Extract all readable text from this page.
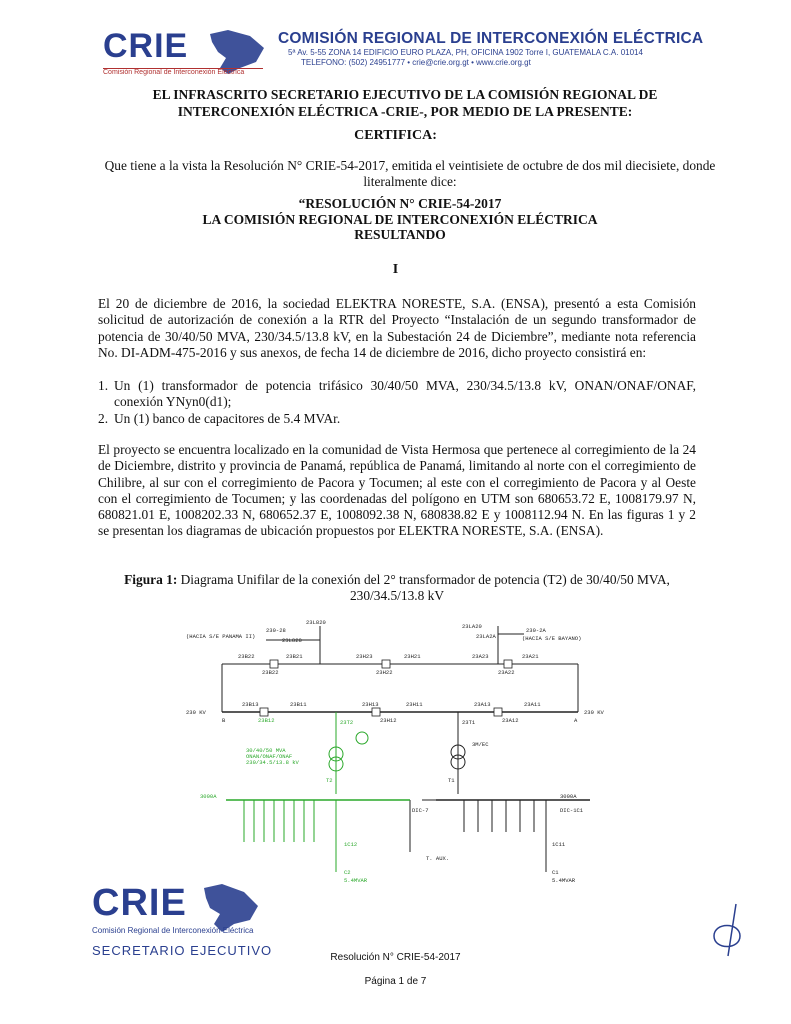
CRIE
Comisión Regional de Interconexión Eléctrica
COMISIÓN REGIONAL DE INTERCONEXIÓN ELÉCTRICA
5ª Av. 5-55 ZONA 14 EDIFICIO EURO PLAZA, PH, OFICINA 1902 Torre I, GUATEMALA C.A. 01014
TELEFONO: (502) 24951777 • crie@crie.org.gt • www.crie.org.gt
EL INFRASCRITO SECRETARIO EJECUTIVO DE LA COMISIÓN REGIONAL DE INTERCONEXIÓN ELÉCTRICA -CRIE-, POR MEDIO DE LA PRESENTE:
CERTIFICA:
Que tiene a la vista la Resolución N° CRIE-54-2017, emitida el veintisiete de octubre de dos mil diecisiete, donde literalmente dice:
“RESOLUCIÓN N° CRIE-54-2017
LA COMISIÓN REGIONAL DE INTERCONEXIÓN ELÉCTRICA
RESULTANDO
I
El 20 de diciembre de 2016, la sociedad ELEKTRA NORESTE, S.A. (ENSA), presentó a esta Comisión solicitud de autorización de conexión a la RTR del Proyecto “Instalación de un segundo transformador de potencia de 30/40/50 MVA, 230/34.5/13.8 kV, en la Subestación 24 de Diciembre”, mediante nota referencia No. DI-ADM-475-2016 y sus anexos, de fecha 14 de diciembre de 2016, dicho proyecto consistirá en:
1. Un (1) transformador de potencia trifásico 30/40/50 MVA, 230/34.5/13.8 kV, ONAN/ONAF/ONAF, conexión YNyn0(d1);
2. Un (1) banco de capacitores de 5.4 MVAr.
El proyecto se encuentra localizado en la comunidad de Vista Hermosa que pertenece al corregimiento de la 24 de Diciembre, distrito y provincia de Panamá, república de Panamá, limitando al norte con el corregimiento de Chilibre, al sur con el corregimiento de Pacora y Tocumen; al este con el corregimiento de Pacora y al Oeste con el corregimiento de Tocumen; y las coordenadas del polígono en UTM son 680653.72 E, 1008179.97 N, 680821.01 E, 1008202.33 N, 680652.37 E, 1008092.38 N, 680838.82 E y 1008112.94 N. En las figuras 1 y 2 se presentan los diagramas de ubicación propuestos por ELEKTRA NORESTE, S.A. (ENSA).
Figura 1: Diagrama Unifilar de la conexión del 2° transformador de potencia (T2) de 30/40/50 MVA, 230/34.5/13.8 kV
230-28
23L820
(HACIA S/E PANAMA II)
23L828
23LA20
230-2A
(HACIA S/E BAYANO)
23LA2A
23B22	23B21	23H23	23H21	23A23	23A21
23B22	23H22	23A22
230 KV
B
23B13	23B11	23H13	23H11	23A13	23A11
A
230 KV
23B12	23H12	23A12
23T2	23T1
3M/EC
T2	T1
30/40/50 MVA
ONAN/ONAF/ONAF
230/34.5/13.8 kV
3000A	3000A
DIC-7
T. AUX.
DIC-1C1
1C12	1C11
C2
5.4MVAR
C1
5.4MVAR
CRIE
Comisión Regional de Interconexión Eléctrica
SECRETARIO EJECUTIVO	Resolución N° CRIE-54-2017
Página 1 de 7
